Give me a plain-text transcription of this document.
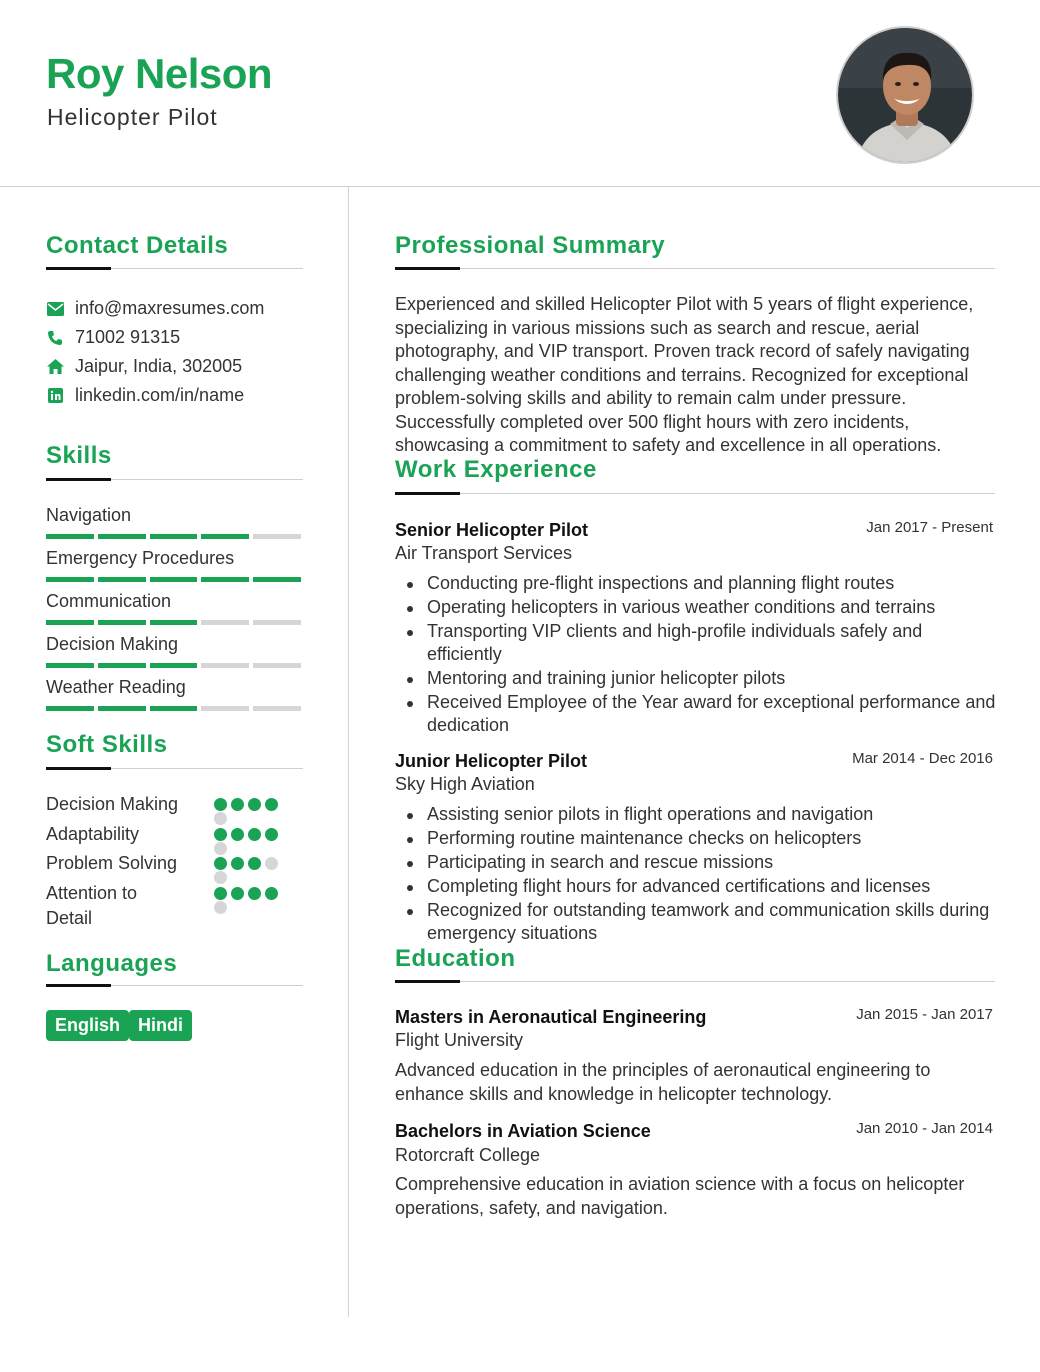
Roy Nelson
Helicopter Pilot
Contact Details
info@maxresumes.com
71002 91315
Jaipur, India, 302005
linkedin.com/in/name
Skills
Navigation
Emergency Procedures
Communication
Decision Making
Weather Reading
Soft Skills
Decision Making
Adaptability
Problem Solving
Attention to Detail
Languages
English Hindi
Professional Summary
Experienced and skilled Helicopter Pilot with 5 years of flight experience, specializing in various missions such as search and rescue, aerial photography, and VIP transport. Proven track record of safely navigating challenging weather conditions and terrains. Recognized for exceptional problem-solving skills and ability to remain calm under pressure. Successfully completed over 500 flight hours with zero incidents, showcasing a commitment to safety and excellence in all operations.
Work Experience
Senior Helicopter Pilot	Jan 2017 - Present
Air Transport Services
Conducting pre-flight inspections and planning flight routes
Operating helicopters in various weather conditions and terrains
Transporting VIP clients and high-profile individuals safely and efficiently
Mentoring and training junior helicopter pilots
Received Employee of the Year award for exceptional performance and dedication
Junior Helicopter Pilot	Mar 2014 - Dec 2016
Sky High Aviation
Assisting senior pilots in flight operations and navigation
Performing routine maintenance checks on helicopters
Participating in search and rescue missions
Completing flight hours for advanced certifications and licenses
Recognized for outstanding teamwork and communication skills during emergency situations
Education
Masters in Aeronautical Engineering	Jan 2015 - Jan 2017
Flight University
Advanced education in the principles of aeronautical engineering to enhance skills and knowledge in helicopter technology.
Bachelors in Aviation Science	Jan 2010 - Jan 2014
Rotorcraft College
Comprehensive education in aviation science with a focus on helicopter operations, safety, and navigation.
